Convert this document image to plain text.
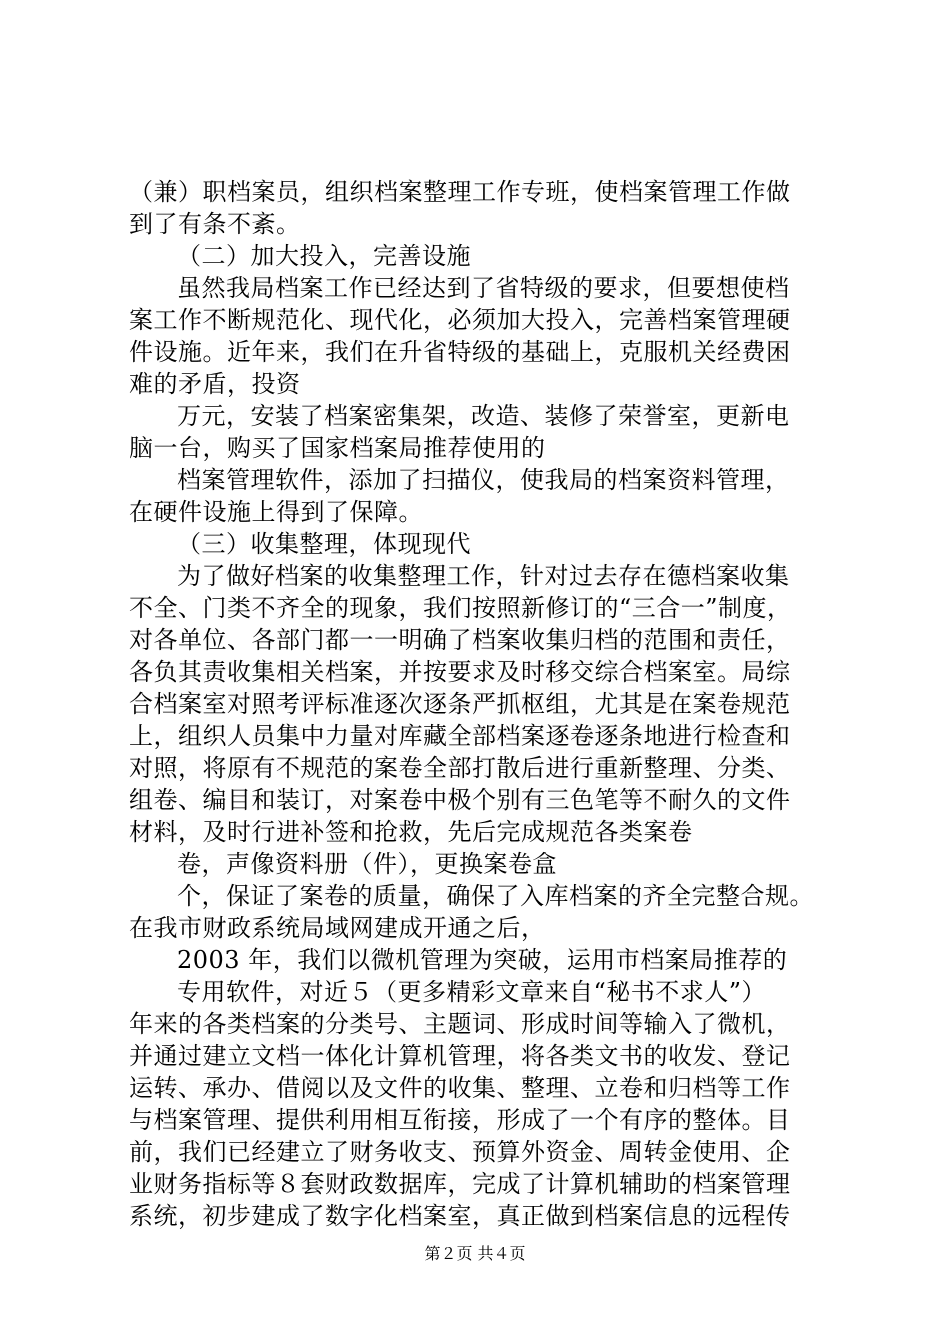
（兼）职档案员，组织档案整理工作专班，使档案管理工作做
到了有条不紊。
（二）加大投入，完善设施
虽然我局档案工作已经达到了省特级的要求，但要想使档
案工作不断规范化、现代化，必须加大投入，完善档案管理硬
件设施。近年来，我们在升省特级的基础上，克服机关经费困
难的矛盾，投资
万元，安装了档案密集架，改造、装修了荣誉室，更新电
脑一台，购买了国家档案局推荐使用的
档案管理软件，添加了扫描仪，使我局的档案资料管理，
在硬件设施上得到了保障。
（三）收集整理，体现现代
为了做好档案的收集整理工作，针对过去存在德档案收集
不全、门类不齐全的现象，我们按照新修订的“三合一”制度，
对各单位、各部门都一一明确了档案收集归档的范围和责任，
各负其责收集相关档案，并按要求及时移交综合档案室。局综
合档案室对照考评标准逐次逐条严抓枢组，尤其是在案卷规范
上，组织人员集中力量对库藏全部档案逐卷逐条地进行检查和
对照，将原有不规范的案卷全部打散后进行重新整理、分类、
组卷、编目和装订，对案卷中极个别有三色笔等不耐久的文件
材料，及时行进补签和抢救，先后完成规范各类案卷
卷，声像资料册（件），更换案卷盒
个，保证了案卷的质量，确保了入库档案的齐全完整合规。
在我市财政系统局域网建成开通之后，
2003 年，我们以微机管理为突破，运用市档案局推荐的
专用软件，对近５（更多精彩文章来自“秘书不求人”）
年来的各类档案的分类号、主题词、形成时间等输入了微机，
并通过建立文档一体化计算机管理，将各类文书的收发、登记
运转、承办、借阅以及文件的收集、整理、立卷和归档等工作
与档案管理、提供利用相互衔接，形成了一个有序的整体。目
前，我们已经建立了财务收支、预算外资金、周转金使用、企
业财务指标等８套财政数据库，完成了计算机辅助的档案管理
系统，初步建成了数字化档案室，真正做到档案信息的远程传
第２页 共４页
